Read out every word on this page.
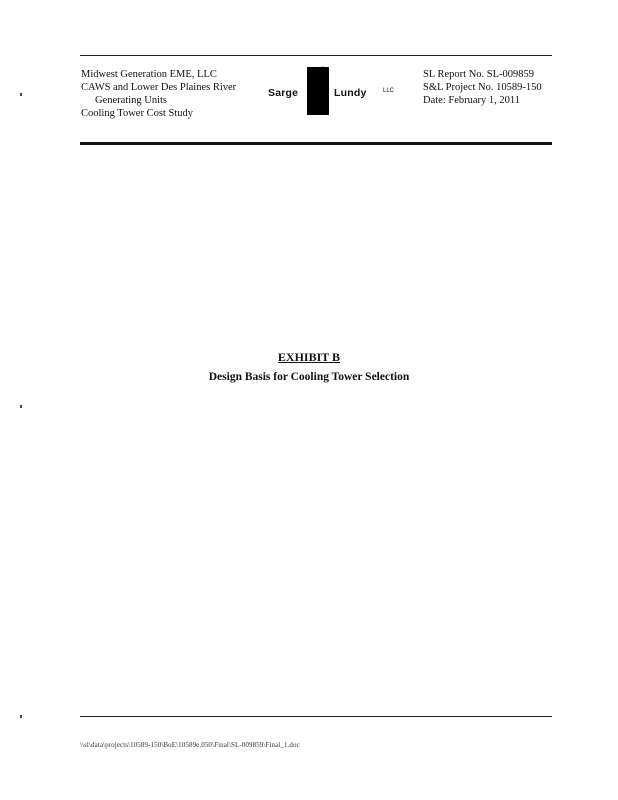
Midwest Generation EME, LLC
CAWS and Lower Des Plaines River
Generating Units
Cooling Tower Cost Study
··
Sarge	Lundy	LLC
SL Report No. SL-009859
S&L Project No. 10589-150
Date: February 1, 2011
EXHIBIT B
Design Basis for Cooling Tower Selection
\\sl\data\projects\10589-150\BoE\10589e.050\Final\SL-009859\Final_1.doc
